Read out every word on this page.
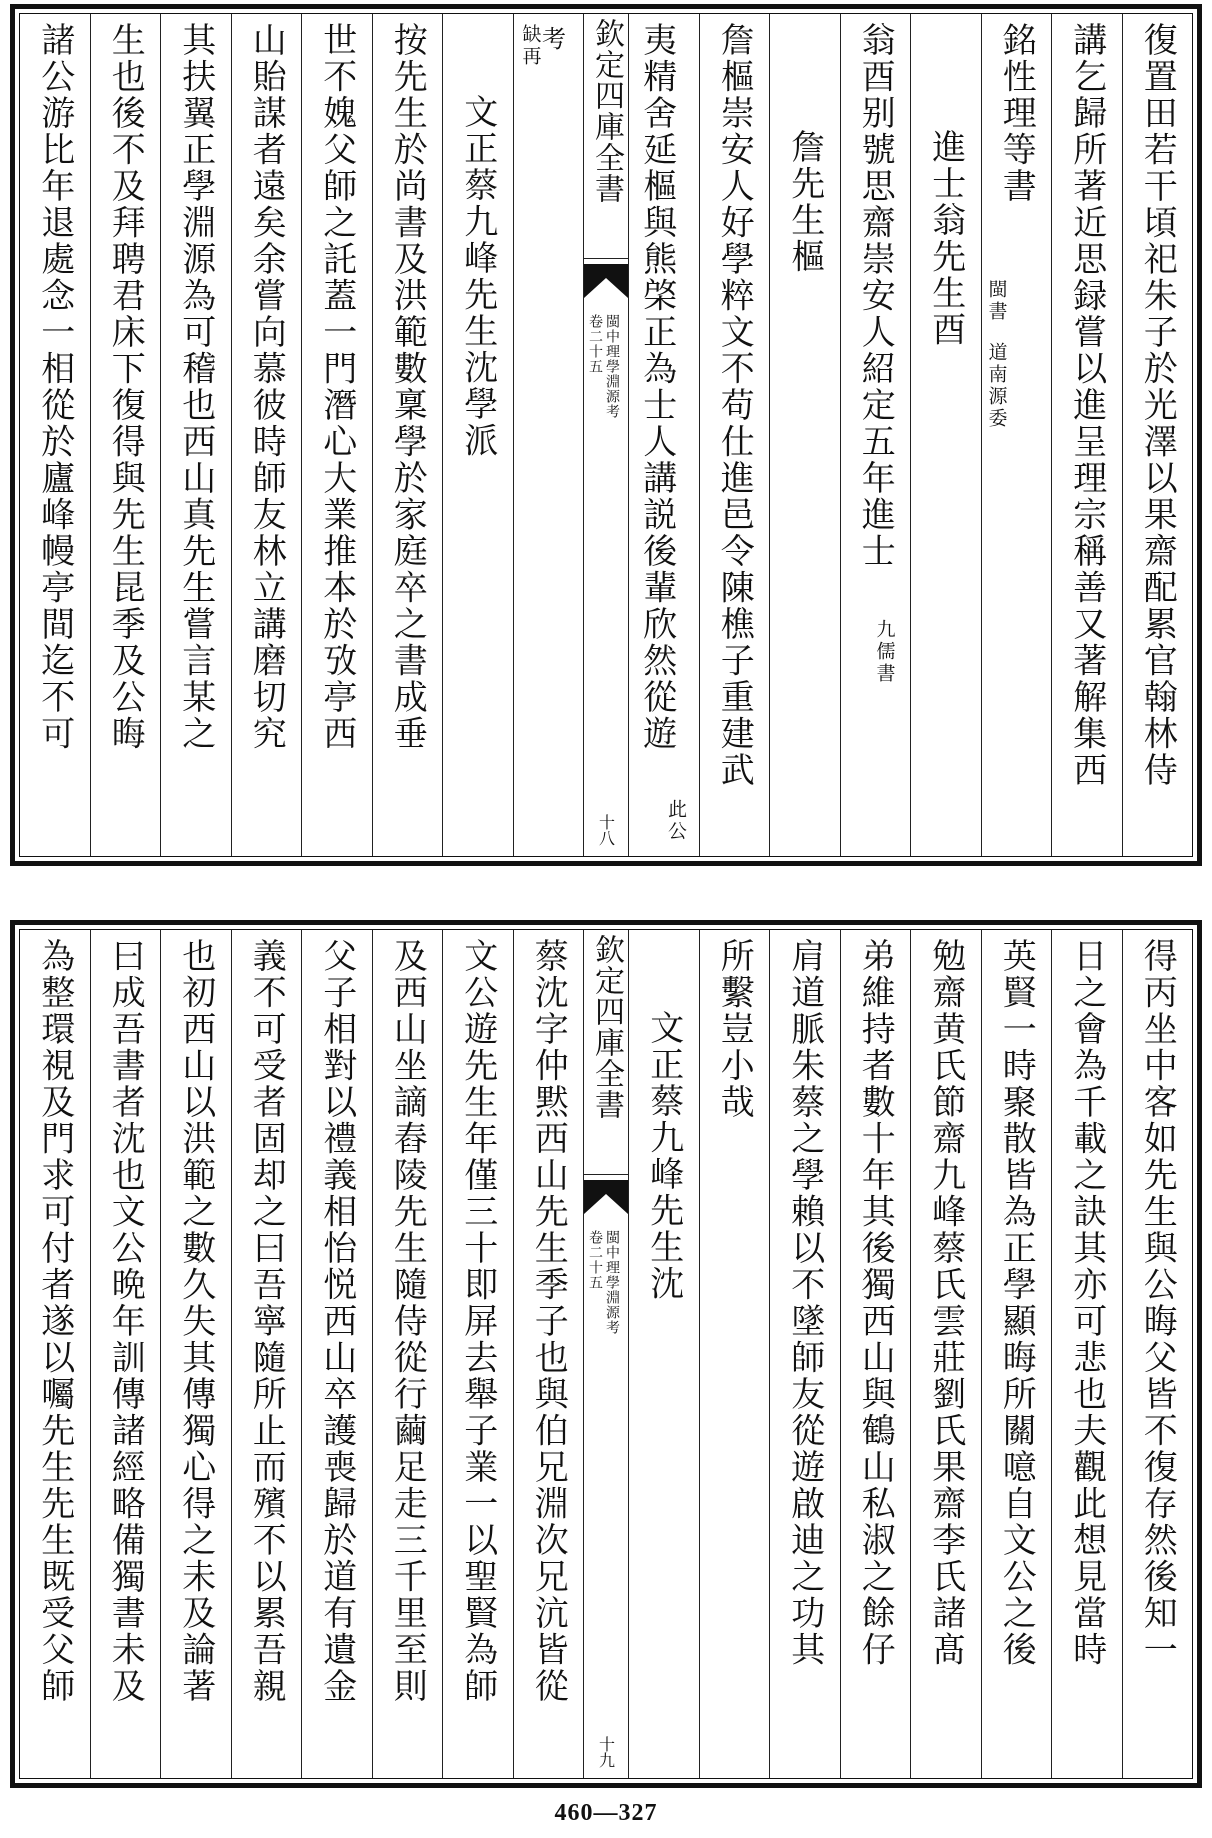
復置田若干頃祀朱子於光澤以果齋配累官翰林侍
講乞歸所著近思録嘗以進呈理宗稱善又著解集西
銘性理等書
閩書
道南源委
進士翁先生酉
翁酉别號思齋崇安人紹定五年進士
九儒書
詹先生樞
詹樞崇安人好學粹文不苟仕進邑令陳樵子重建武
夷精舍延樞與熊棨正為士人講説後輩欣然從遊
此公
欽定四庫全書
閩中理學淵源考
卷二十五
十八
考
缺再
文正蔡九峰先生沈學派
按先生於尚書及洪範數稟學於家庭卒之書成垂
世不媿父師之託蓋一門潛心大業推本於攷亭西
山貽謀者遠矣余嘗向慕彼時師友林立講磨切究
其扶翼正學淵源為可稽也西山真先生嘗言某之
生也後不及拜聘君床下復得與先生昆季及公晦
諸公游比年退處念一相從於廬峰幔亭間迄不可
得丙坐中客如先生與公晦父皆不復存然後知一
日之會為千載之訣其亦可悲也夫觀此想見當時
英賢一時聚散皆為正學顯晦所關噫自文公之後
勉齋黄氏節齋九峰蔡氏雲莊劉氏果齋李氏諸髙
弟維持者數十年其後獨西山與鶴山私淑之餘仔
肩道脈朱蔡之學賴以不墜師友從遊啟迪之功其
所繫豈小哉
文正蔡九峰先生沈
欽定四庫全書
閩中理學淵源考
卷二十五
十九
蔡沈字仲黙西山先生季子也與伯兄淵次兄沆皆從
文公遊先生年僅三十即屏去舉子業一以聖賢為師
及西山坐謫舂陵先生隨侍從行繭足走三千里至則
父子相對以禮義相怡悦西山卒護喪歸於道有遺金
義不可受者固却之曰吾寧隨所止而殯不以累吾親
也初西山以洪範之數久失其傳獨心得之未及論著
曰成吾書者沈也文公晩年訓傳諸經略備獨書未及
為整環視及門求可付者遂以囑先生先生既受父師
460—327
